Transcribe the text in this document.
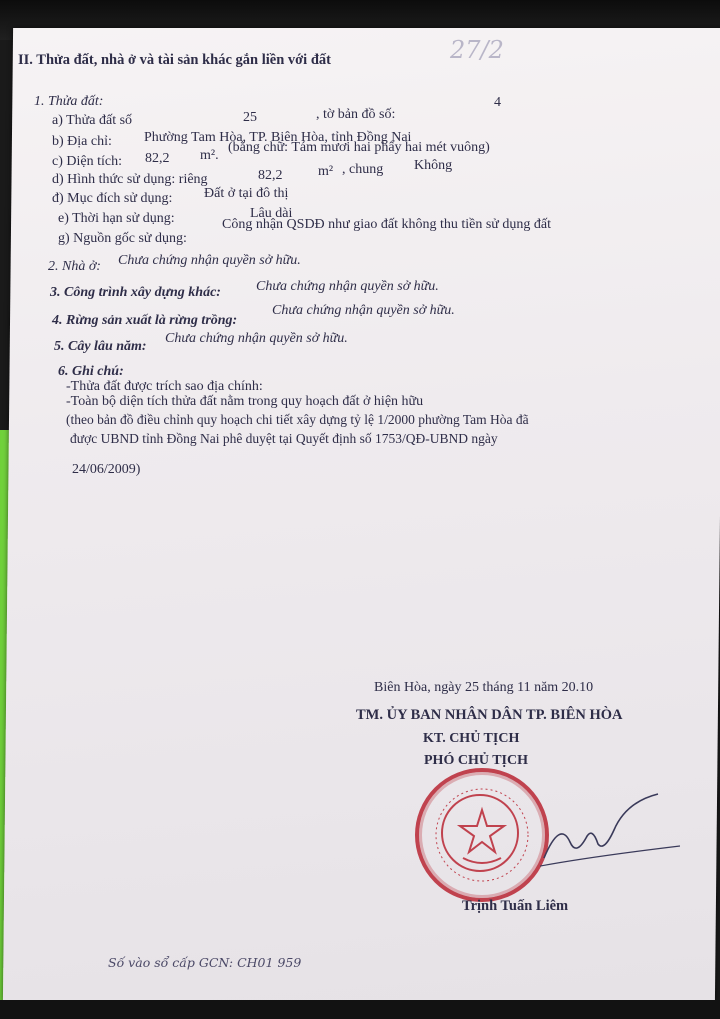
27/2
II. Thửa đất, nhà ở và tài sản khác gắn liền với đất
1. Thửa đất:
a) Thửa đất số	25	, tờ bản đồ số:
4
b) Địa chỉ: Phường Tam Hòa, TP. Biên Hòa, tỉnh Đồng Nai
c) Diện tích: 82,2 m².
(bằng chữ: Tám mươi hai phẩy hai mét vuông)
d) Hình thức sử dụng: riêng	82,2	m² , chung Không
đ) Mục đích sử dụng: Đất ở tại đô thị
e) Thời hạn sử dụng:	Lâu dài
g) Nguồn gốc sử dụng:
Công nhận QSDĐ như giao đất không thu tiền sử dụng đất
2. Nhà ở: Chưa chứng nhận quyền sở hữu.
3. Công trình xây dựng khác:	Chưa chứng nhận quyền sở hữu.
4. Rừng sản xuất là rừng trồng:
Chưa chứng nhận quyền sở hữu.
5. Cây lâu năm:
Chưa chứng nhận quyền sở hữu.
6. Ghi chú:
-Thửa đất được trích sao địa chính:
-Toàn bộ diện tích thửa đất nằm trong quy hoạch đất ở hiện hữu
(theo bản đồ điều chỉnh quy hoạch chi tiết xây dựng tỷ lệ 1/2000 phường Tam Hòa đã
được UBND tỉnh Đồng Nai phê duyệt tại Quyết định số 1753/QĐ-UBND ngày
24/06/2009)
Biên Hòa, ngày 25 tháng 11 năm 20.10
TM. ỦY BAN NHÂN DÂN TP. BIÊN HÒA
KT. CHỦ TỊCH
PHÓ CHỦ TỊCH
Trịnh Tuấn Liêm
Số vào sổ cấp GCN: CH01 959
